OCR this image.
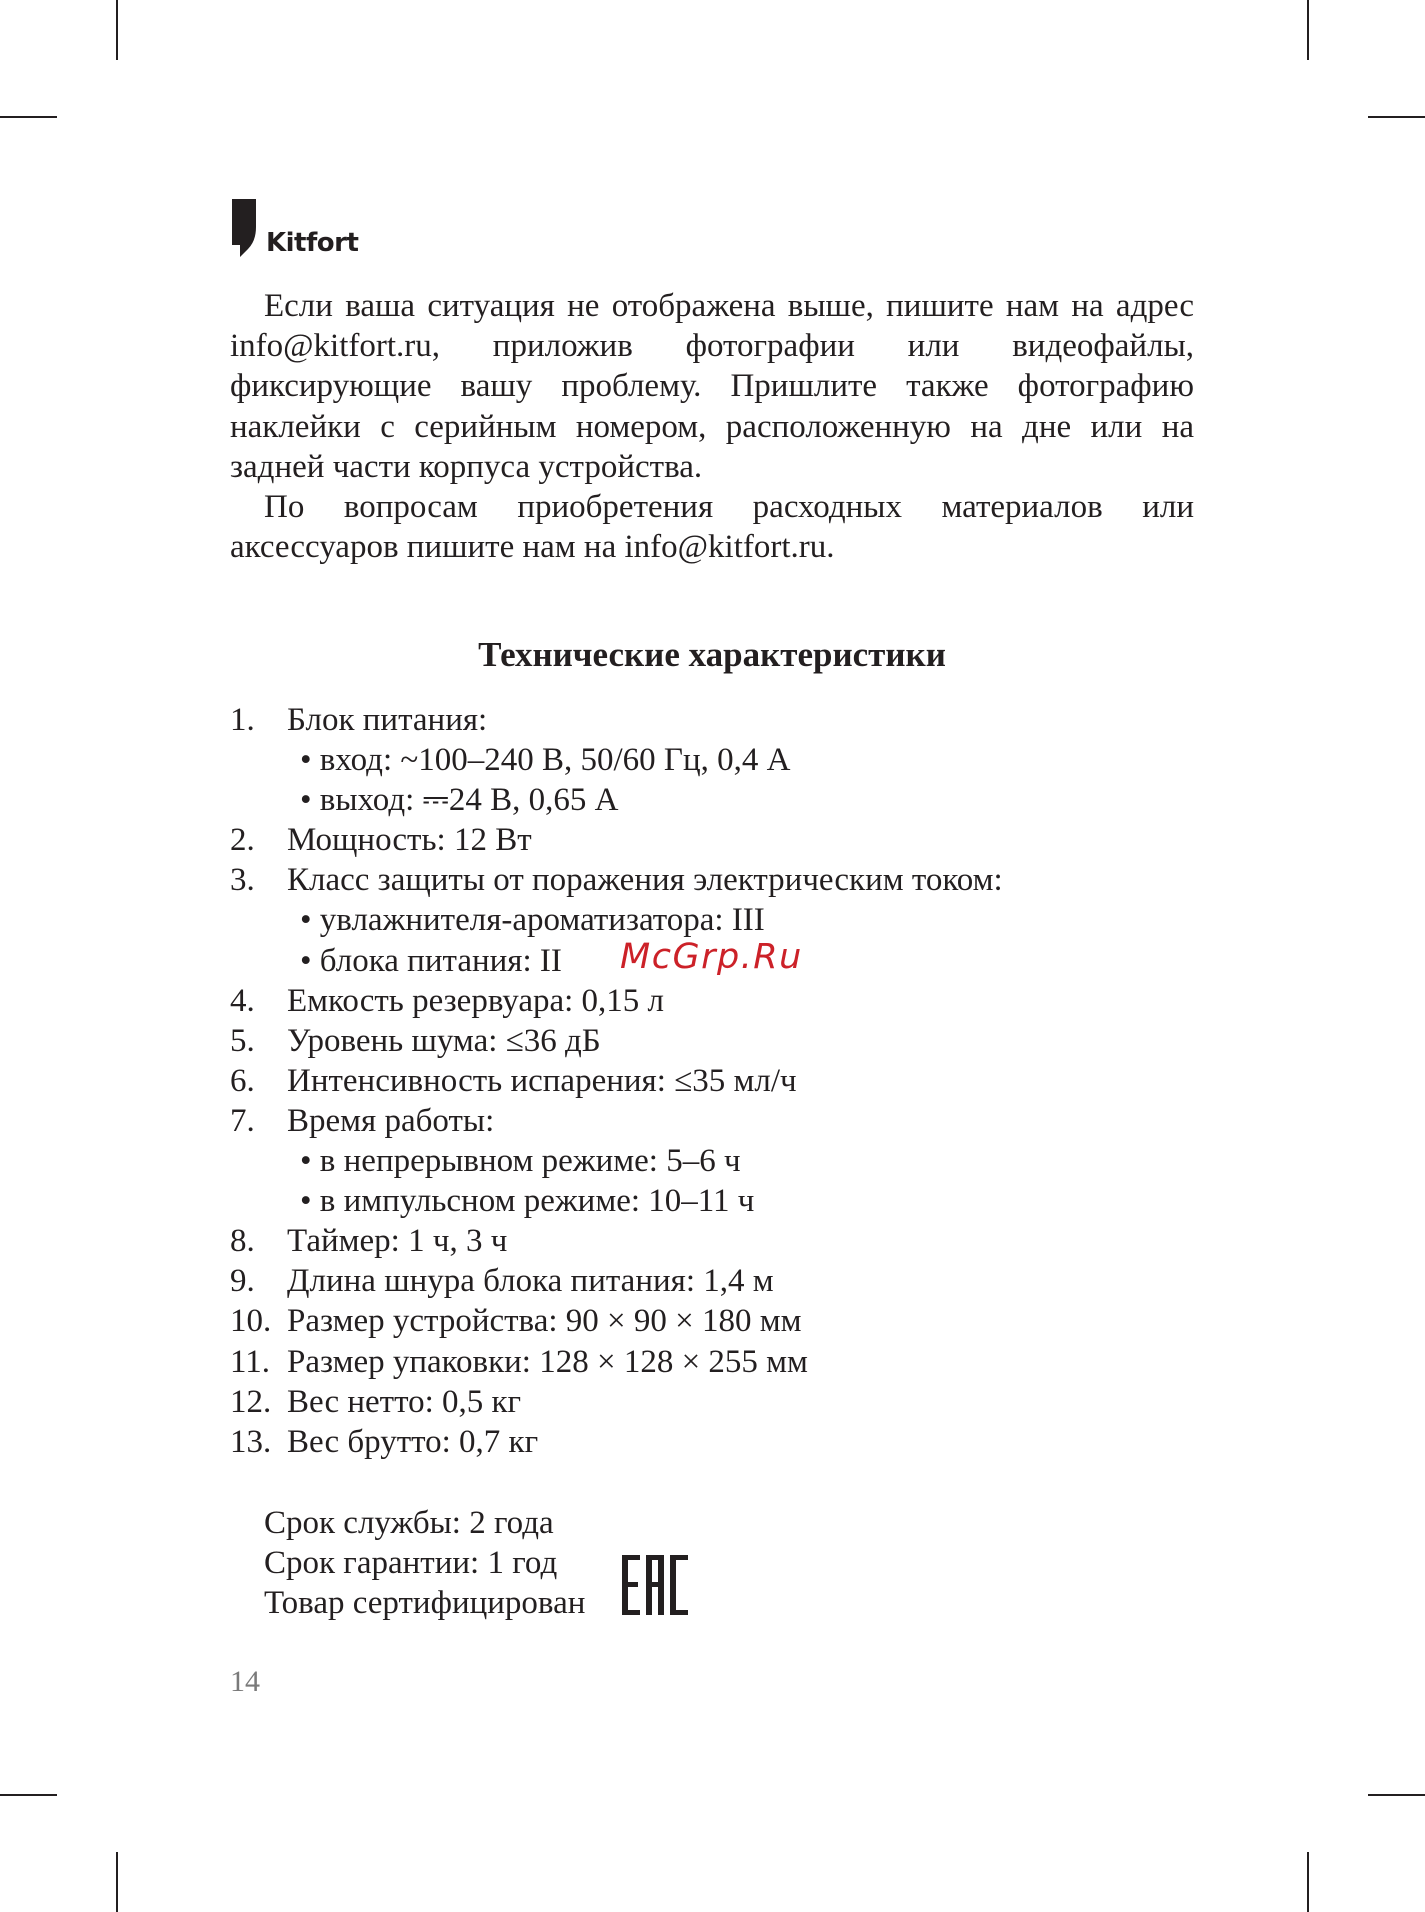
Kitfort

Если ваша ситуация не отображена выше, пишите нам на адрес info@kitfort.ru, приложив фотографии или видеофайлы, фиксирующие вашу проблему. Пришлите также фотографию наклейки с серийным номером, расположенную на дне или на задней части корпуса устройства.

По вопросам приобретения расходных материалов или аксессуаров пишите нам на info@kitfort.ru.

Технические характеристики
1. Блок питания:
• вход: ~100–240 В, 50/60 Гц, 0,4 А
• выход: ⎓24 В, 0,65 А
2. Мощность: 12 Вт
3. Класс защиты от поражения электрическим током:
• увлажнителя-ароматизатора: III
• блока питания: II
4. Емкость резервуара: 0,15 л
5. Уровень шума: ≤36 дБ
6. Интенсивность испарения: ≤35 мл/ч
7. Время работы:
• в непрерывном режиме: 5–6 ч
• в импульсном режиме: 10–11 ч
8. Таймер: 1 ч, 3 ч
9. Длина шнура блока питания: 1,4 м
10. Размер устройства: 90 × 90 × 180 мм
11. Размер упаковки: 128 × 128 × 255 мм
12. Вес нетто: 0,5 кг
13. Вес брутто: 0,7 кг
McGrp.Ru
Срок службы: 2 года
Срок гарантии: 1 год
Товар сертифицирован
14
